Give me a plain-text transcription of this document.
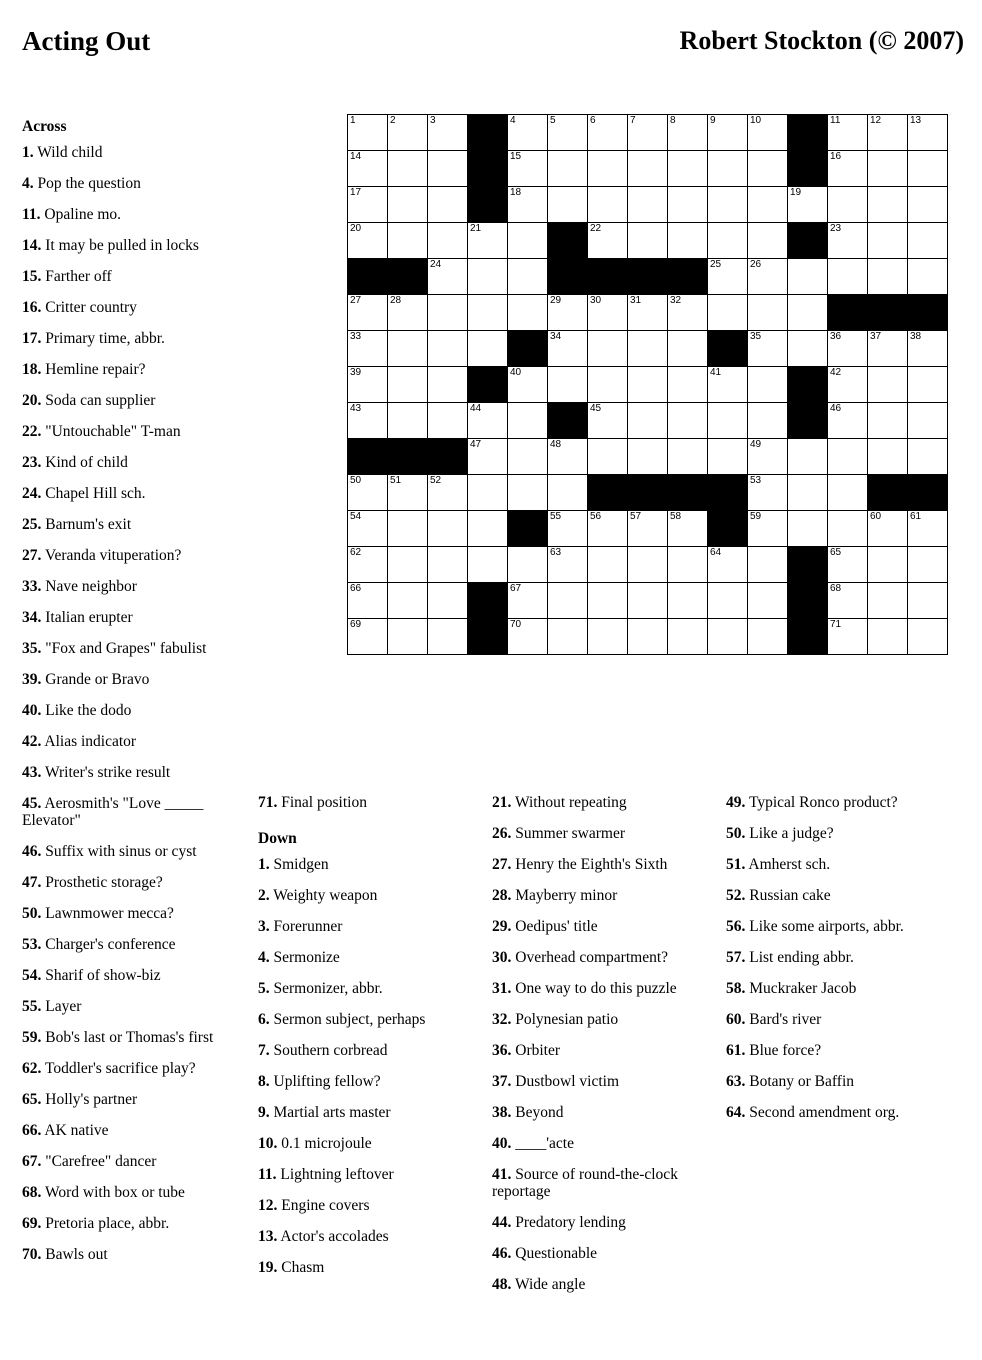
Acting Out	Robert Stockton (© 2007)
1	2	3		4	5	6	7	8	9	10		11	12	13

14				15								16		

17				18							19			

20			21			22						23		

		24							25	26				

27	28				29	30	31	32						

33					34					35		36	37	38

39				40					41			42		

43			44			45						46		

			47		48					49				

50	51	52								53				

54					55	56	57	58		59			60	61

62					63				64			65		

66				67								68		

69				70								71		

Across
1. Wild child
4. Pop the question
11. Opaline mo.
14. It may be pulled in locks
15. Farther off
16. Critter country
17. Primary time, abbr.
18. Hemline repair?
20. Soda can supplier
22. "Untouchable" T-man
23. Kind of child
24. Chapel Hill sch.
25. Barnum's exit
27. Veranda vituperation?
33. Nave neighbor
34. Italian erupter
35. "Fox and Grapes" fabulist
39. Grande or Bravo
40. Like the dodo
42. Alias indicator
43. Writer's strike result
45. Aerosmith's "Love _____ Elevator"
46. Suffix with sinus or cyst
47. Prosthetic storage?
50. Lawnmower mecca?
53. Charger's conference
54. Sharif of show-biz
55. Layer
59. Bob's last or Thomas's first
62. Toddler's sacrifice play?
65. Holly's partner
66. AK native
67. "Carefree" dancer
68. Word with box or tube
69. Pretoria place, abbr.
70. Bawls out
71. Final position
Down
1. Smidgen
2. Weighty weapon
3. Forerunner
4. Sermonize
5. Sermonizer, abbr.
6. Sermon subject, perhaps
7. Southern corbread
8. Uplifting fellow?
9. Martial arts master
10. 0.1 microjoule
11. Lightning leftover
12. Engine covers
13. Actor's accolades
19. Chasm
21. Without repeating
26. Summer swarmer
27. Henry the Eighth's Sixth
28. Mayberry minor
29. Oedipus' title
30. Overhead compartment?
31. One way to do this puzzle
32. Polynesian patio
36. Orbiter
37. Dustbowl victim
38. Beyond
40. ____'acte
41. Source of round-the-clock reportage
44. Predatory lending
46. Questionable
48. Wide angle
49. Typical Ronco product?
50. Like a judge?
51. Amherst sch.
52. Russian cake
56. Like some airports, abbr.
57. List ending abbr.
58. Muckraker Jacob
60. Bard's river
61. Blue force?
63. Botany or Baffin
64. Second amendment org.
